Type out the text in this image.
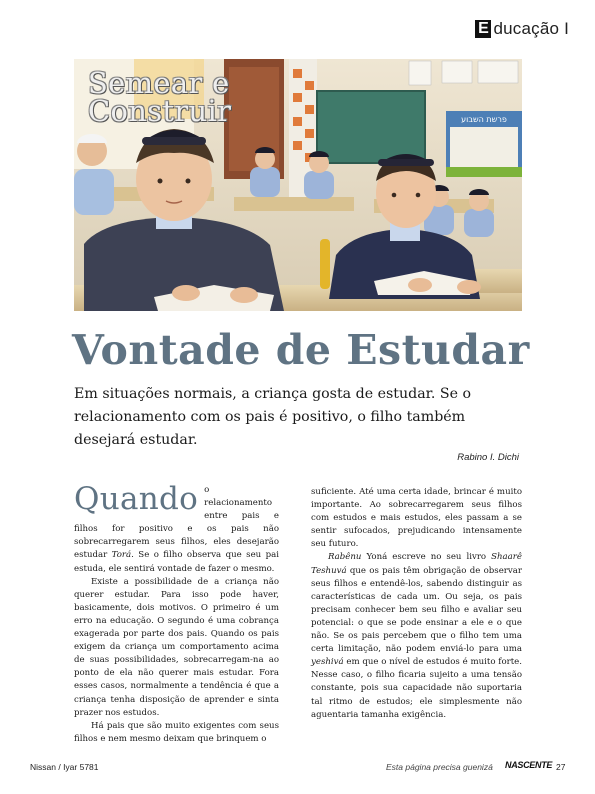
E ducação I
פרשת השבוע
Semear e
Construir
Vontade de Estudar

Em situações normais, a criança gosta de estudar. Se o relacionamento com os pais é positivo, o filho também desejará estudar.

Rabino I. Dichi

Quando o relacionamento entre pais e filhos for positivo e os pais não sobrecarregarem seus filhos, eles desejarão estudar Torá. Se o filho observa que seu pai estuda, ele sentirá vontade de fazer o mesmo.

Existe a possibilidade de a criança não querer estudar. Para isso pode haver, basicamente, dois motivos. O primeiro é um erro na educação. O segundo é uma cobrança exagerada por parte dos pais. Quando os pais exigem da criança um comportamento acima de suas possibilidades, sobrecarregam-na ao ponto de ela não querer mais estudar. Fora esses casos, normalmente a tendência é que a criança tenha disposição de aprender e sinta prazer nos estudos.

Há pais que são muito exigentes com seus filhos e nem mesmo deixam que brinquem o

suficiente. Até uma certa idade, brincar é muito importante. Ao sobrecarregarem seus filhos com estudos e mais estudos, eles passam a se sentir sufocados, prejudicando intensamente seu futuro.

Rabênu Yoná escreve no seu livro Shaarê Teshuvá que os pais têm obrigação de observar seus filhos e entendê-los, sabendo distinguir as características de cada um. Ou seja, os pais precisam conhecer bem seu filho e avaliar seu potencial: o que se pode ensinar a ele e o que não. Se os pais percebem que o filho tem uma certa limitação, não podem enviá-lo para uma yeshivá em que o nível de estudos é muito forte. Nesse caso, o filho ficaria sujeito a uma tensão constante, pois sua capacidade não suportaria tal ritmo de estudos; ele simplesmente não aguentaria tamanha exigência.

Nissan / Iyar 5781	Esta página precisa guenizá NASCENTE 27
